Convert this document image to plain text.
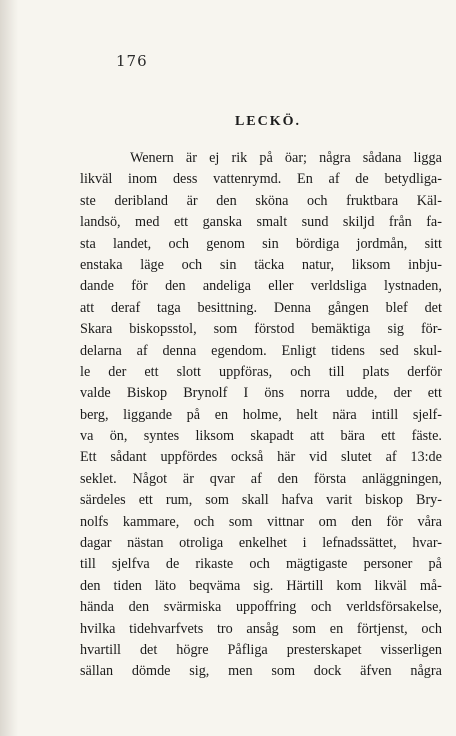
176
LECKÖ.
Wenern är ej rik på öar; några sådana ligga
likväl inom dess vattenrymd. En af de betydliga-
ste deribland är den sköna och fruktbara Käl-
landsö, med ett ganska smalt sund skiljd från fa-
sta landet, och genom sin bördiga jordmån, sitt
enstaka läge och sin täcka natur, liksom inbju-
dande för den andeliga eller verldsliga lystnaden,
att deraf taga besittning. Denna gången blef det
Skara biskopsstol, som förstod bemäktiga sig för-
delarna af denna egendom. Enligt tidens sed skul-
le der ett slott uppföras, och till plats derför
valde Biskop Brynolf I öns norra udde, der ett
berg, liggande på en holme, helt nära intill sjelf-
va ön, syntes liksom skapadt att bära ett fäste.
Ett sådant uppfördes också här vid slutet af 13:de
seklet. Något är qvar af den första anläggningen,
särdeles ett rum, som skall hafva varit biskop Bry-
nolfs kammare, och som vittnar om den för våra
dagar nästan otroliga enkelhet i lefnadssättet, hvar-
till sjelfva de rikaste och mägtigaste personer på
den tiden läto beqväma sig. Härtill kom likväl må-
hända den svärmiska uppoffring och verldsförsakelse,
hvilka tidehvarfvets tro ansåg som en förtjenst, och
hvartill det högre Påfliga presterskapet visserligen
sällan dömde sig, men som dock äfven några
